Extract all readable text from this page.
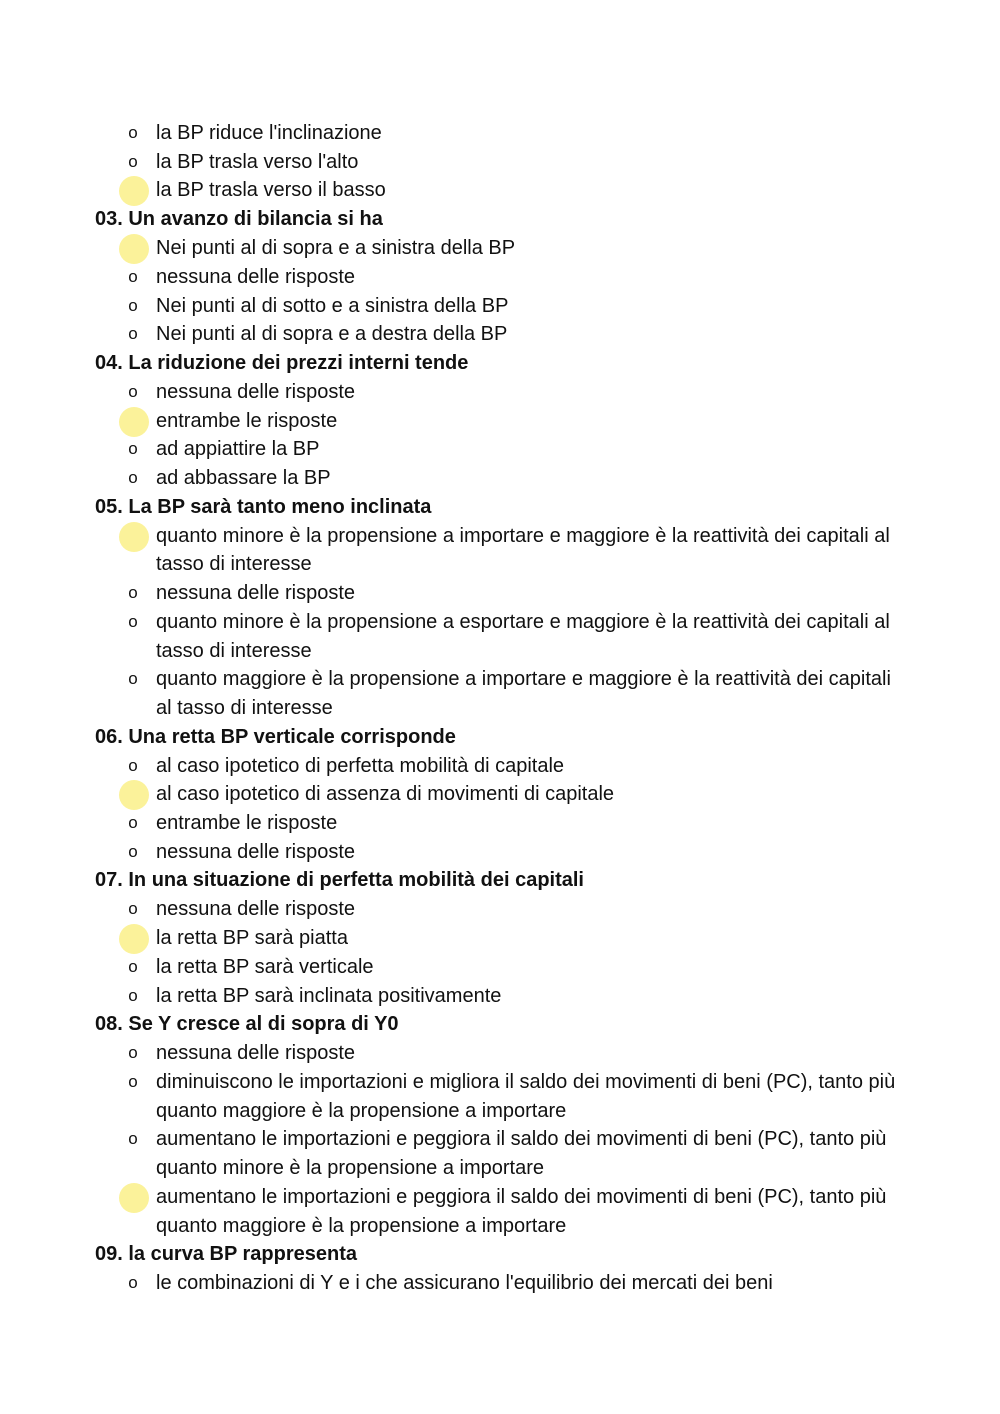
o la BP riduce l'inclinazione
o la BP trasla verso l'alto
la BP trasla verso il basso
03. Un avanzo di bilancia si ha
Nei punti al di sopra e a sinistra della BP
o nessuna delle risposte
o Nei punti al di sotto e a sinistra della BP
o Nei punti al di sopra e a destra della BP
04. La riduzione dei prezzi interni tende
o nessuna delle risposte
entrambe le risposte
o ad appiattire la BP
o ad abbassare la BP
05. La BP sarà tanto meno inclinata
quanto minore è la propensione a importare e maggiore è la reattività dei capitali al tasso di interesse
o nessuna delle risposte
o quanto minore è la propensione a esportare e maggiore è la reattività dei capitali al tasso di interesse
o quanto maggiore è la propensione a importare e maggiore è la reattività dei capitali al tasso di interesse
06. Una retta BP verticale corrisponde
o al caso ipotetico di perfetta mobilità di capitale
al caso ipotetico di assenza di movimenti di capitale
o entrambe le risposte
o nessuna delle risposte
07. In una situazione di perfetta mobilità dei capitali
o nessuna delle risposte
la retta BP sarà piatta
o la retta BP sarà verticale
o la retta BP sarà inclinata positivamente
08. Se Y cresce al di sopra di Y0
o nessuna delle risposte
o diminuiscono le importazioni e migliora il saldo dei movimenti di beni (PC), tanto più quanto maggiore è la propensione a importare
o aumentano le importazioni e peggiora il saldo dei movimenti di beni (PC), tanto più quanto minore è la propensione a importare
aumentano le importazioni e peggiora il saldo dei movimenti di beni (PC), tanto più quanto maggiore è la propensione a importare
09. la curva BP rappresenta
o le combinazioni di Y e i che assicurano l'equilibrio dei mercati dei beni
